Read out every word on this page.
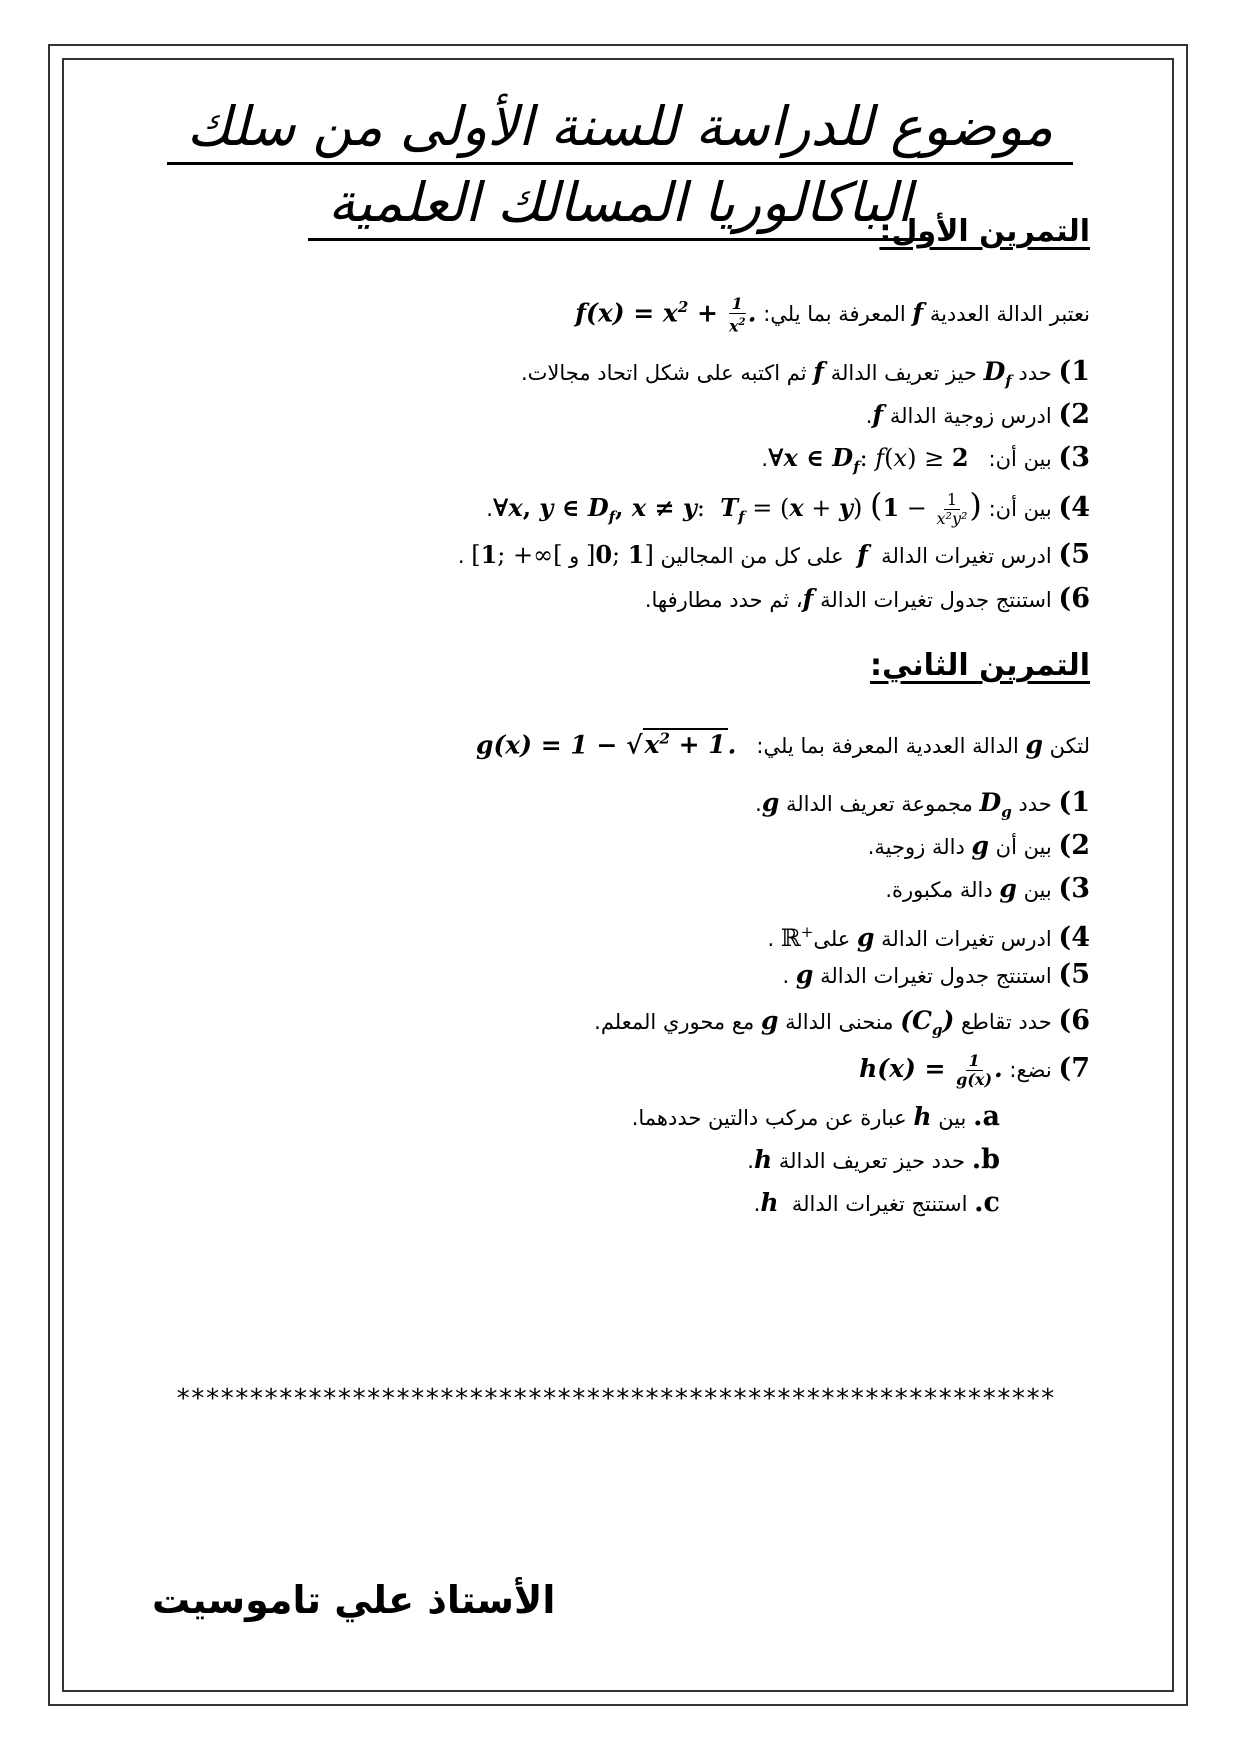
موضوع للدراسة للسنة الأولى من سلك
الباكالوريا المسالك العلمية
التمرين الأول:
نعتبر الدالة العددية f المعرفة بما يلي: $f(x) = x^2 + \frac{1}{x^2}$ .
1) حدد $D_f$ حيز تعريف الدالة f ثم اكتبه على شكل اتحاد مجالات.
2) ادرس زوجية الدالة f.
3) بين أن:   ∀x ∈ $D_f$: f(x) ≥ 2.
4) بين أن: ∀x, y ∈ $D_f$, x ≠ y:  $T_f = (x + y) (1 - \frac{1}{\text{x²y²}}$ ).
5) ادرس تغيرات الدالة  f  على كل من المجالين ]0; 1] و [1; +∞[ .
6) استنتج جدول تغيرات الدالة f، ثم حدد مطارفها.
التمرين الثاني:
لتكن g الدالة العددية المعرفة بما يلي:   $g(x) = 1 - √x^2 + 1$.
1) حدد $D_g$ مجموعة تعريف الدالة g.
2) بين أن g دالة زوجية.
3) بين g دالة مكبورة.
4) ادرس تغيرات الدالة g علىℝ+ .
5) استنتج جدول تغيرات الدالة g .
6) حدد تقاطع $(C_g)$ منحنى الدالة g مع محوري المعلم.
7) نضع: $h(x) = \frac{1}{g(x)}$ .
a. بين h عبارة عن مركب دالتين حددهما.
b. حدد حيز تعريف الدالة h.
c. استنتج تغيرات الدالة  h.
************************************************************
الأستاذ علي تاموسيت
